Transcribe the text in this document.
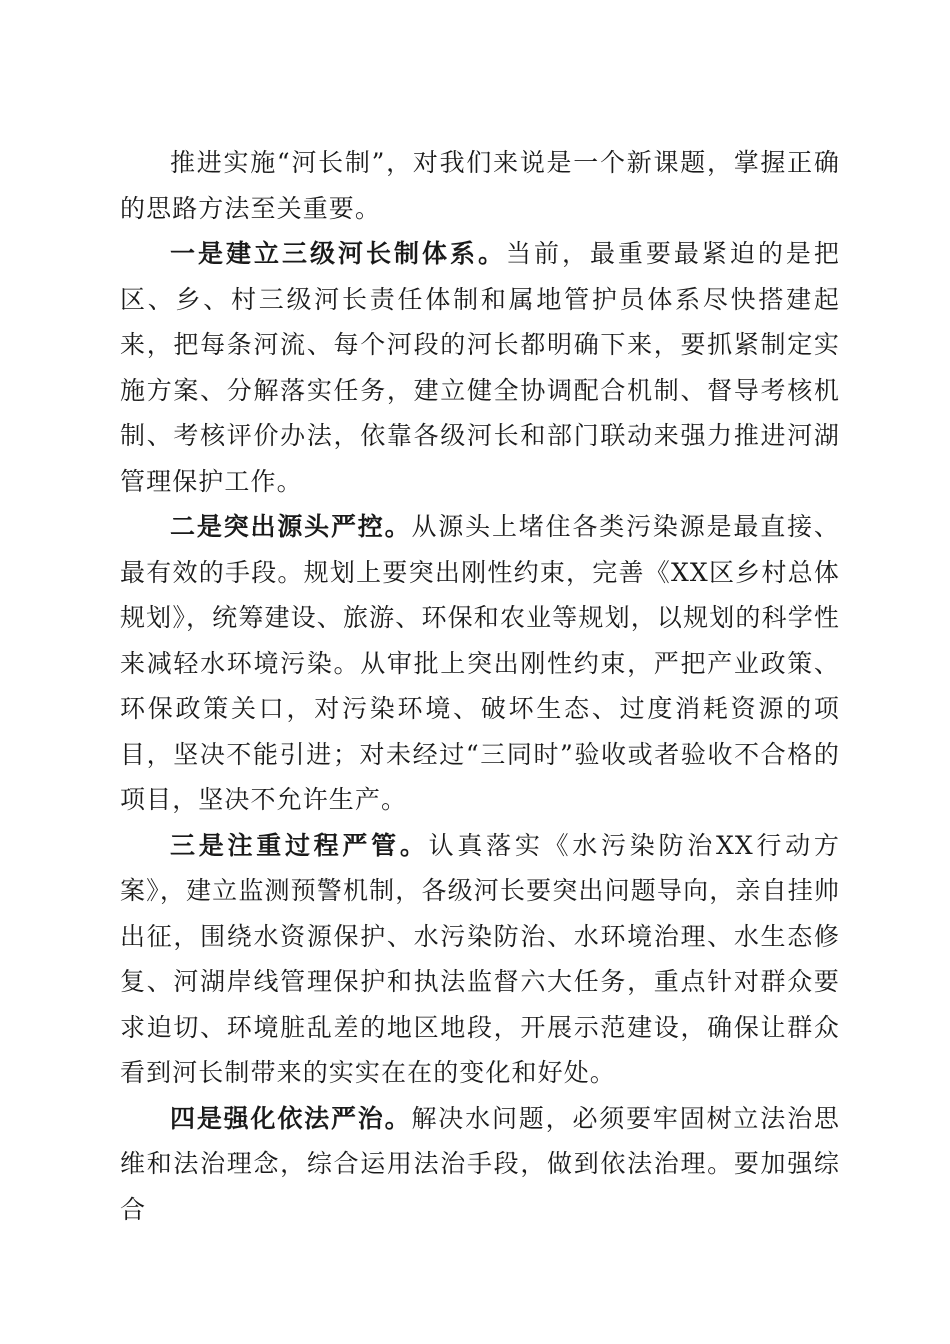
推进实施“河长制”，对我们来说是一个新课题，掌握正确的思路方法至关重要。

一是建立三级河长制体系。当前，最重要最紧迫的是把区、乡、村三级河长责任体制和属地管护员体系尽快搭建起来，把每条河流、每个河段的河长都明确下来，要抓紧制定实施方案、分解落实任务，建立健全协调配合机制、督导考核机制、考核评价办法，依靠各级河长和部门联动来强力推进河湖管理保护工作。

二是突出源头严控。从源头上堵住各类污染源是最直接、最有效的手段。规划上要突出刚性约束，完善《XX区乡村总体规划》，统筹建设、旅游、环保和农业等规划，以规划的科学性来减轻水环境污染。从审批上突出刚性约束，严把产业政策、环保政策关口，对污染环境、破坏生态、过度消耗资源的项目，坚决不能引进；对未经过“三同时”验收或者验收不合格的项目，坚决不允许生产。

三是注重过程严管。认真落实《水污染防治XX行动方案》，建立监测预警机制，各级河长要突出问题导向，亲自挂帅出征，围绕水资源保护、水污染防治、水环境治理、水生态修复、河湖岸线管理保护和执法监督六大任务，重点针对群众要求迫切、环境脏乱差的地区地段，开展示范建设，确保让群众看到河长制带来的实实在在的变化和好处。

四是强化依法严治。解决水问题，必须要牢固树立法治思维和法治理念，综合运用法治手段，做到依法治理。要加强综合
